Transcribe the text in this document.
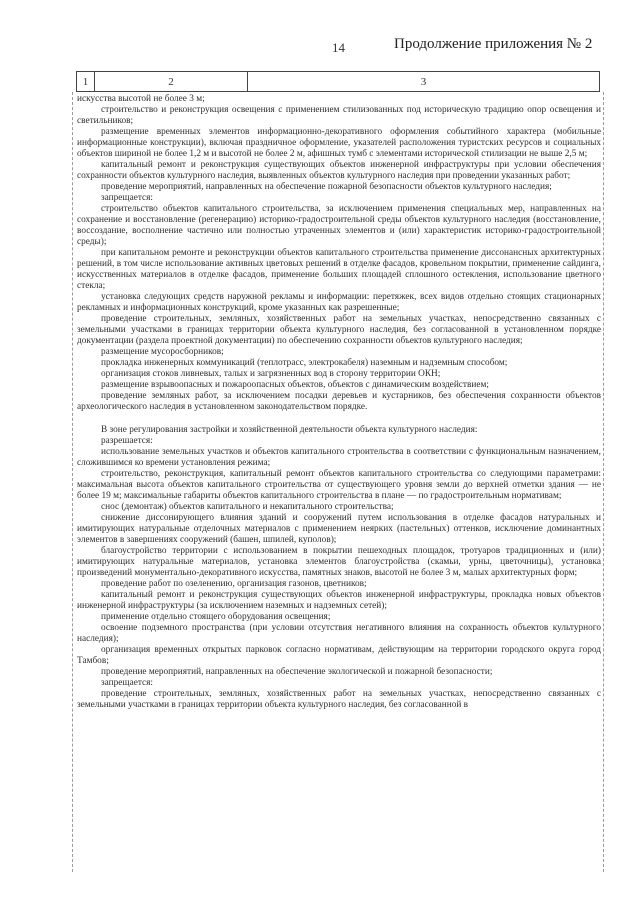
14	Продолжение приложения № 2
1	2	3

искусства высотой не более 3 м;

строительство и реконструкция освещения с применением стилизованных под историческую традицию опор освещения и светильников;

размещение временных элементов информационно-декоративного оформления событийного характера (мобильные информационные конструкции), включая праздничное оформление, указателей расположения туристских ресурсов и социальных объектов шириной не более 1,2 м и высотой не более 2 м, афишных тумб с элементами исторической стилизации не выше 2,5 м;

капитальный ремонт и реконструкция существующих объектов инженерной инфраструктуры при условии обеспечения сохранности объектов культурного наследия, выявленных объектов культурного наследия при проведении указанных работ;

проведение мероприятий, направленных на обеспечение пожарной безопасности объектов культурного наследия;

запрещается:

строительство объектов капитального строительства, за исключением применения специальных мер, направленных на сохранение и восстановление (регенерацию) историко-градостроительной среды объектов культурного наследия (восстановление, воссоздание, восполнение частично или полностью утраченных элементов и (или) характеристик историко-градостроительной среды);

при капитальном ремонте и реконструкции объектов капитального строительства применение диссонансных архитектурных решений, в том числе использование активных цветовых решений в отделке фасадов, кровельном покрытии, применение сайдинга, искусственных материалов в отделке фасадов, применение больших площадей сплошного остекления, использование цветного стекла;

установка следующих средств наружной рекламы и информации: перетяжек, всех видов отдельно стоящих стационарных рекламных и информационных конструкций, кроме указанных как разрешенные;

проведение строительных, земляных, хозяйственных работ на земельных участках, непосредственно связанных с земельными участками в границах территории объекта культурного наследия, без согласованной в установленном порядке документации (раздела проектной документации) по обеспечению сохранности объектов культурного наследия;

размещение мусоросборников;

прокладка инженерных коммуникаций (теплотрасс, электрокабеля) наземным и надземным способом;

организация стоков ливневых, талых и загрязненных вод в сторону территории ОКН;

размещение взрывоопасных и пожароопасных объектов, объектов с динамическим воздействием;

проведение земляных работ, за исключением посадки деревьев и кустарников, без обеспечения сохранности объектов археологического наследия в установленном законодательством порядке.

В зоне регулирования застройки и хозяйственной деятельности объекта культурного наследия:

разрешается:

использование земельных участков и объектов капитального строительства в соответствии с функциональным назначением, сложившимся ко времени установления режима;

строительство, реконструкция, капитальный ремонт объектов капитального строительства со следующими параметрами: максимальная высота объектов капитального строительства от существующего уровня земли до верхней отметки здания — не более 19 м; максимальные габариты объектов капитального строительства в плане — по градостроительным нормативам;

снос (демонтаж) объектов капитального и некапитального строительства;

снижение диссонирующего влияния зданий и сооружений путем использования в отделке фасадов натуральных и имитирующих натуральные отделочных материалов с применением неярких (пастельных) оттенков, исключение доминантных элементов в завершениях сооружений (башен, шпилей, куполов);

благоустройство территории с использованием в покрытии пешеходных площадок, тротуаров традиционных и (или) имитирующих натуральные материалов, установка элементов благоустройства (скамьи, урны, цветочницы), установка произведений монументально-декоративного искусства, памятных знаков, высотой не более 3 м, малых архитектурных форм;

проведение работ по озеленению, организация газонов, цветников;

капитальный ремонт и реконструкция существующих объектов инженерной инфраструктуры, прокладка новых объектов инженерной инфраструктуры (за исключением наземных и надземных сетей);

применение отдельно стоящего оборудования освещения;

освоение подземного пространства (при условии отсутствия негативного влияния на сохранность объектов культурного наследия);

организация временных открытых парковок согласно нормативам, действующим на территории городского округа город Тамбов;

проведение мероприятий, направленных на обеспечение экологической и пожарной безопасности;

запрещается:

проведение строительных, земляных, хозяйственных работ на земельных участках, непосредственно связанных с земельными участками в границах территории объекта культурного наследия, без согласованной в
